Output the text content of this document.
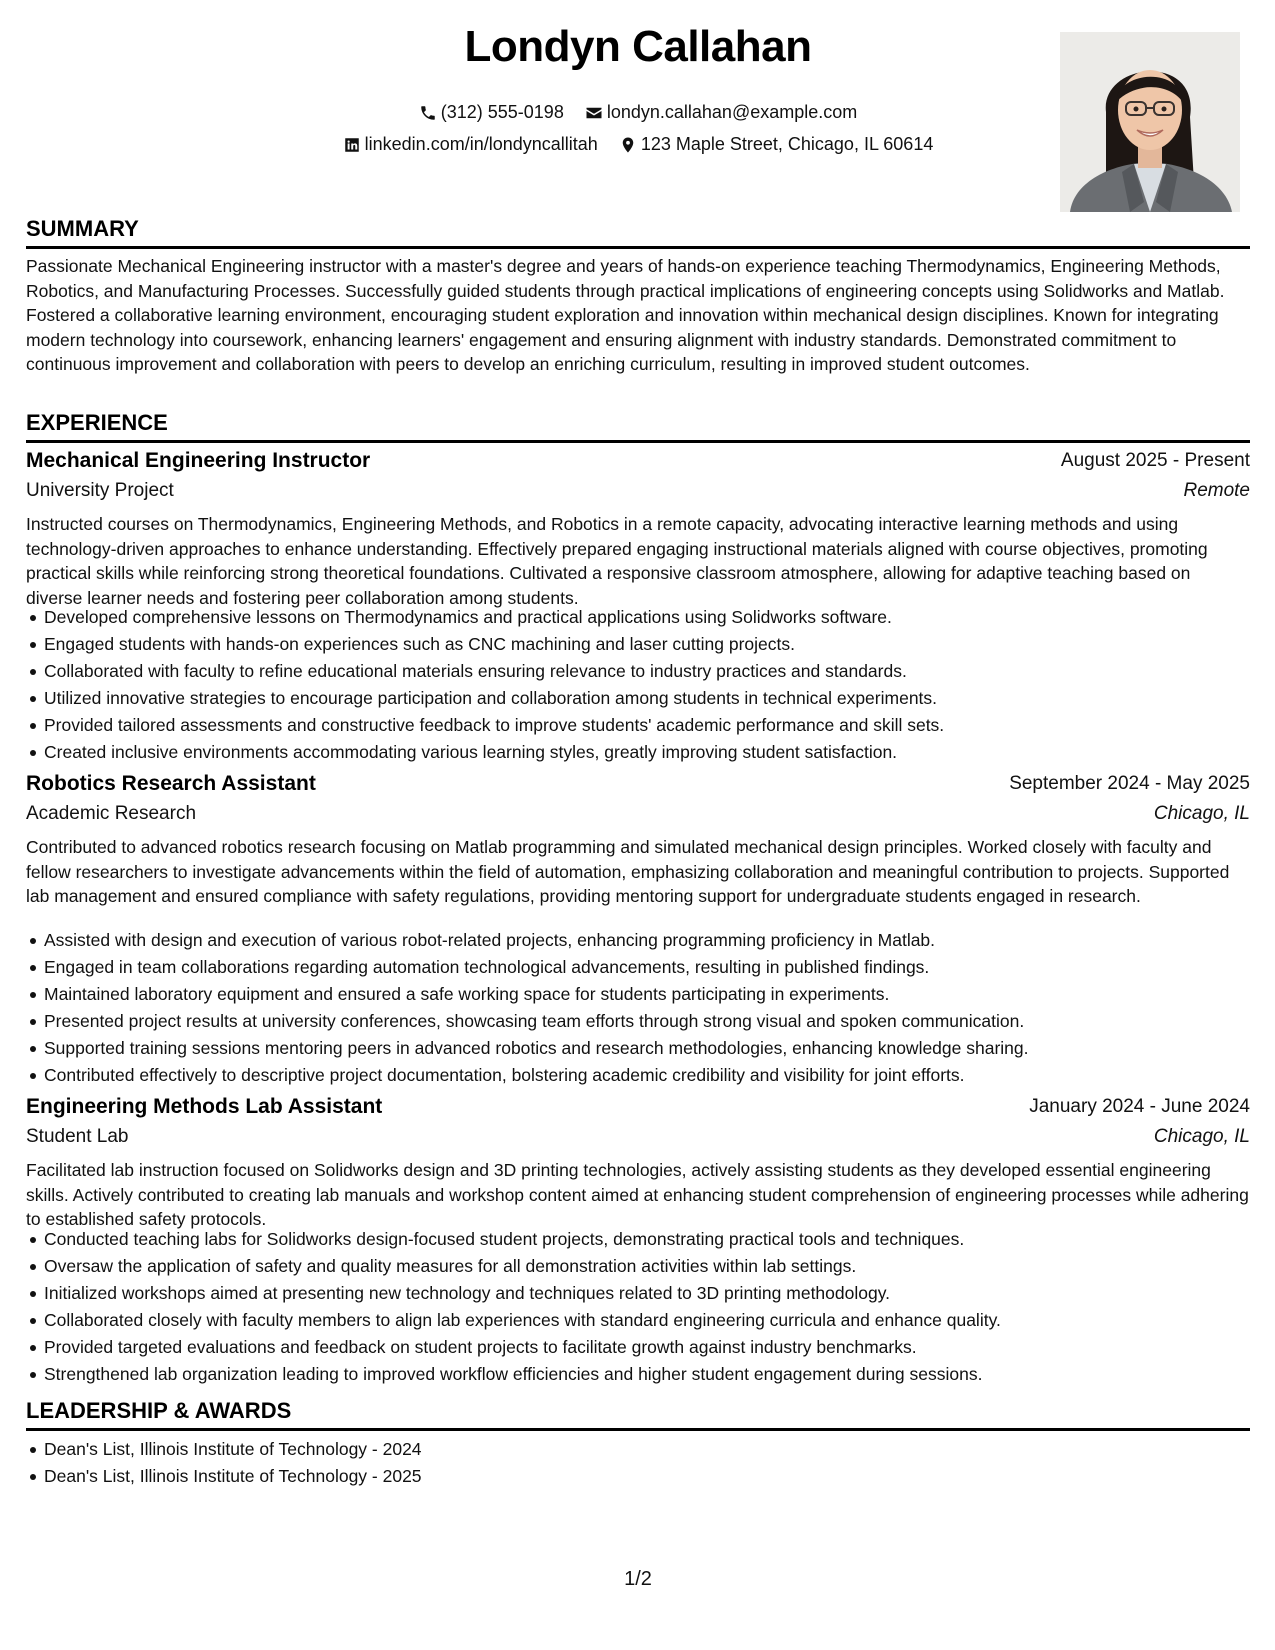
Londyn Callahan
(312) 555-0198
londyn.callahan@example.com
linkedin.com/in/londyncallitah
123 Maple Street, Chicago, IL 60614
SUMMARY
Passionate Mechanical Engineering instructor with a master's degree and years of hands-on experience teaching Thermodynamics, Engineering Methods, Robotics, and Manufacturing Processes. Successfully guided students through practical implications of engineering concepts using Solidworks and Matlab. Fostered a collaborative learning environment, encouraging student exploration and innovation within mechanical design disciplines. Known for integrating modern technology into coursework, enhancing learners' engagement and ensuring alignment with industry standards. Demonstrated commitment to continuous improvement and collaboration with peers to develop an enriching curriculum, resulting in improved student outcomes.
EXPERIENCE
Mechanical Engineering Instructor	August 2025 - Present
University Project	Remote
Instructed courses on Thermodynamics, Engineering Methods, and Robotics in a remote capacity, advocating interactive learning methods and using technology-driven approaches to enhance understanding. Effectively prepared engaging instructional materials aligned with course objectives, promoting practical skills while reinforcing strong theoretical foundations. Cultivated a responsive classroom atmosphere, allowing for adaptive teaching based on diverse learner needs and fostering peer collaboration among students.
Developed comprehensive lessons on Thermodynamics and practical applications using Solidworks software.
Engaged students with hands-on experiences such as CNC machining and laser cutting projects.
Collaborated with faculty to refine educational materials ensuring relevance to industry practices and standards.
Utilized innovative strategies to encourage participation and collaboration among students in technical experiments.
Provided tailored assessments and constructive feedback to improve students' academic performance and skill sets.
Created inclusive environments accommodating various learning styles, greatly improving student satisfaction.
Robotics Research Assistant	September 2024 - May 2025
Academic Research	Chicago, IL
Contributed to advanced robotics research focusing on Matlab programming and simulated mechanical design principles. Worked closely with faculty and fellow researchers to investigate advancements within the field of automation, emphasizing collaboration and meaningful contribution to projects. Supported lab management and ensured compliance with safety regulations, providing mentoring support for undergraduate students engaged in research.
Assisted with design and execution of various robot-related projects, enhancing programming proficiency in Matlab.
Engaged in team collaborations regarding automation technological advancements, resulting in published findings.
Maintained laboratory equipment and ensured a safe working space for students participating in experiments.
Presented project results at university conferences, showcasing team efforts through strong visual and spoken communication.
Supported training sessions mentoring peers in advanced robotics and research methodologies, enhancing knowledge sharing.
Contributed effectively to descriptive project documentation, bolstering academic credibility and visibility for joint efforts.
Engineering Methods Lab Assistant	January 2024 - June 2024
Student Lab	Chicago, IL
Facilitated lab instruction focused on Solidworks design and 3D printing technologies, actively assisting students as they developed essential engineering skills. Actively contributed to creating lab manuals and workshop content aimed at enhancing student comprehension of engineering processes while adhering to established safety protocols.
Conducted teaching labs for Solidworks design-focused student projects, demonstrating practical tools and techniques.
Oversaw the application of safety and quality measures for all demonstration activities within lab settings.
Initialized workshops aimed at presenting new technology and techniques related to 3D printing methodology.
Collaborated closely with faculty members to align lab experiences with standard engineering curricula and enhance quality.
Provided targeted evaluations and feedback on student projects to facilitate growth against industry benchmarks.
Strengthened lab organization leading to improved workflow efficiencies and higher student engagement during sessions.
LEADERSHIP & AWARDS
Dean's List, Illinois Institute of Technology - 2024
Dean's List, Illinois Institute of Technology - 2025
1/2
